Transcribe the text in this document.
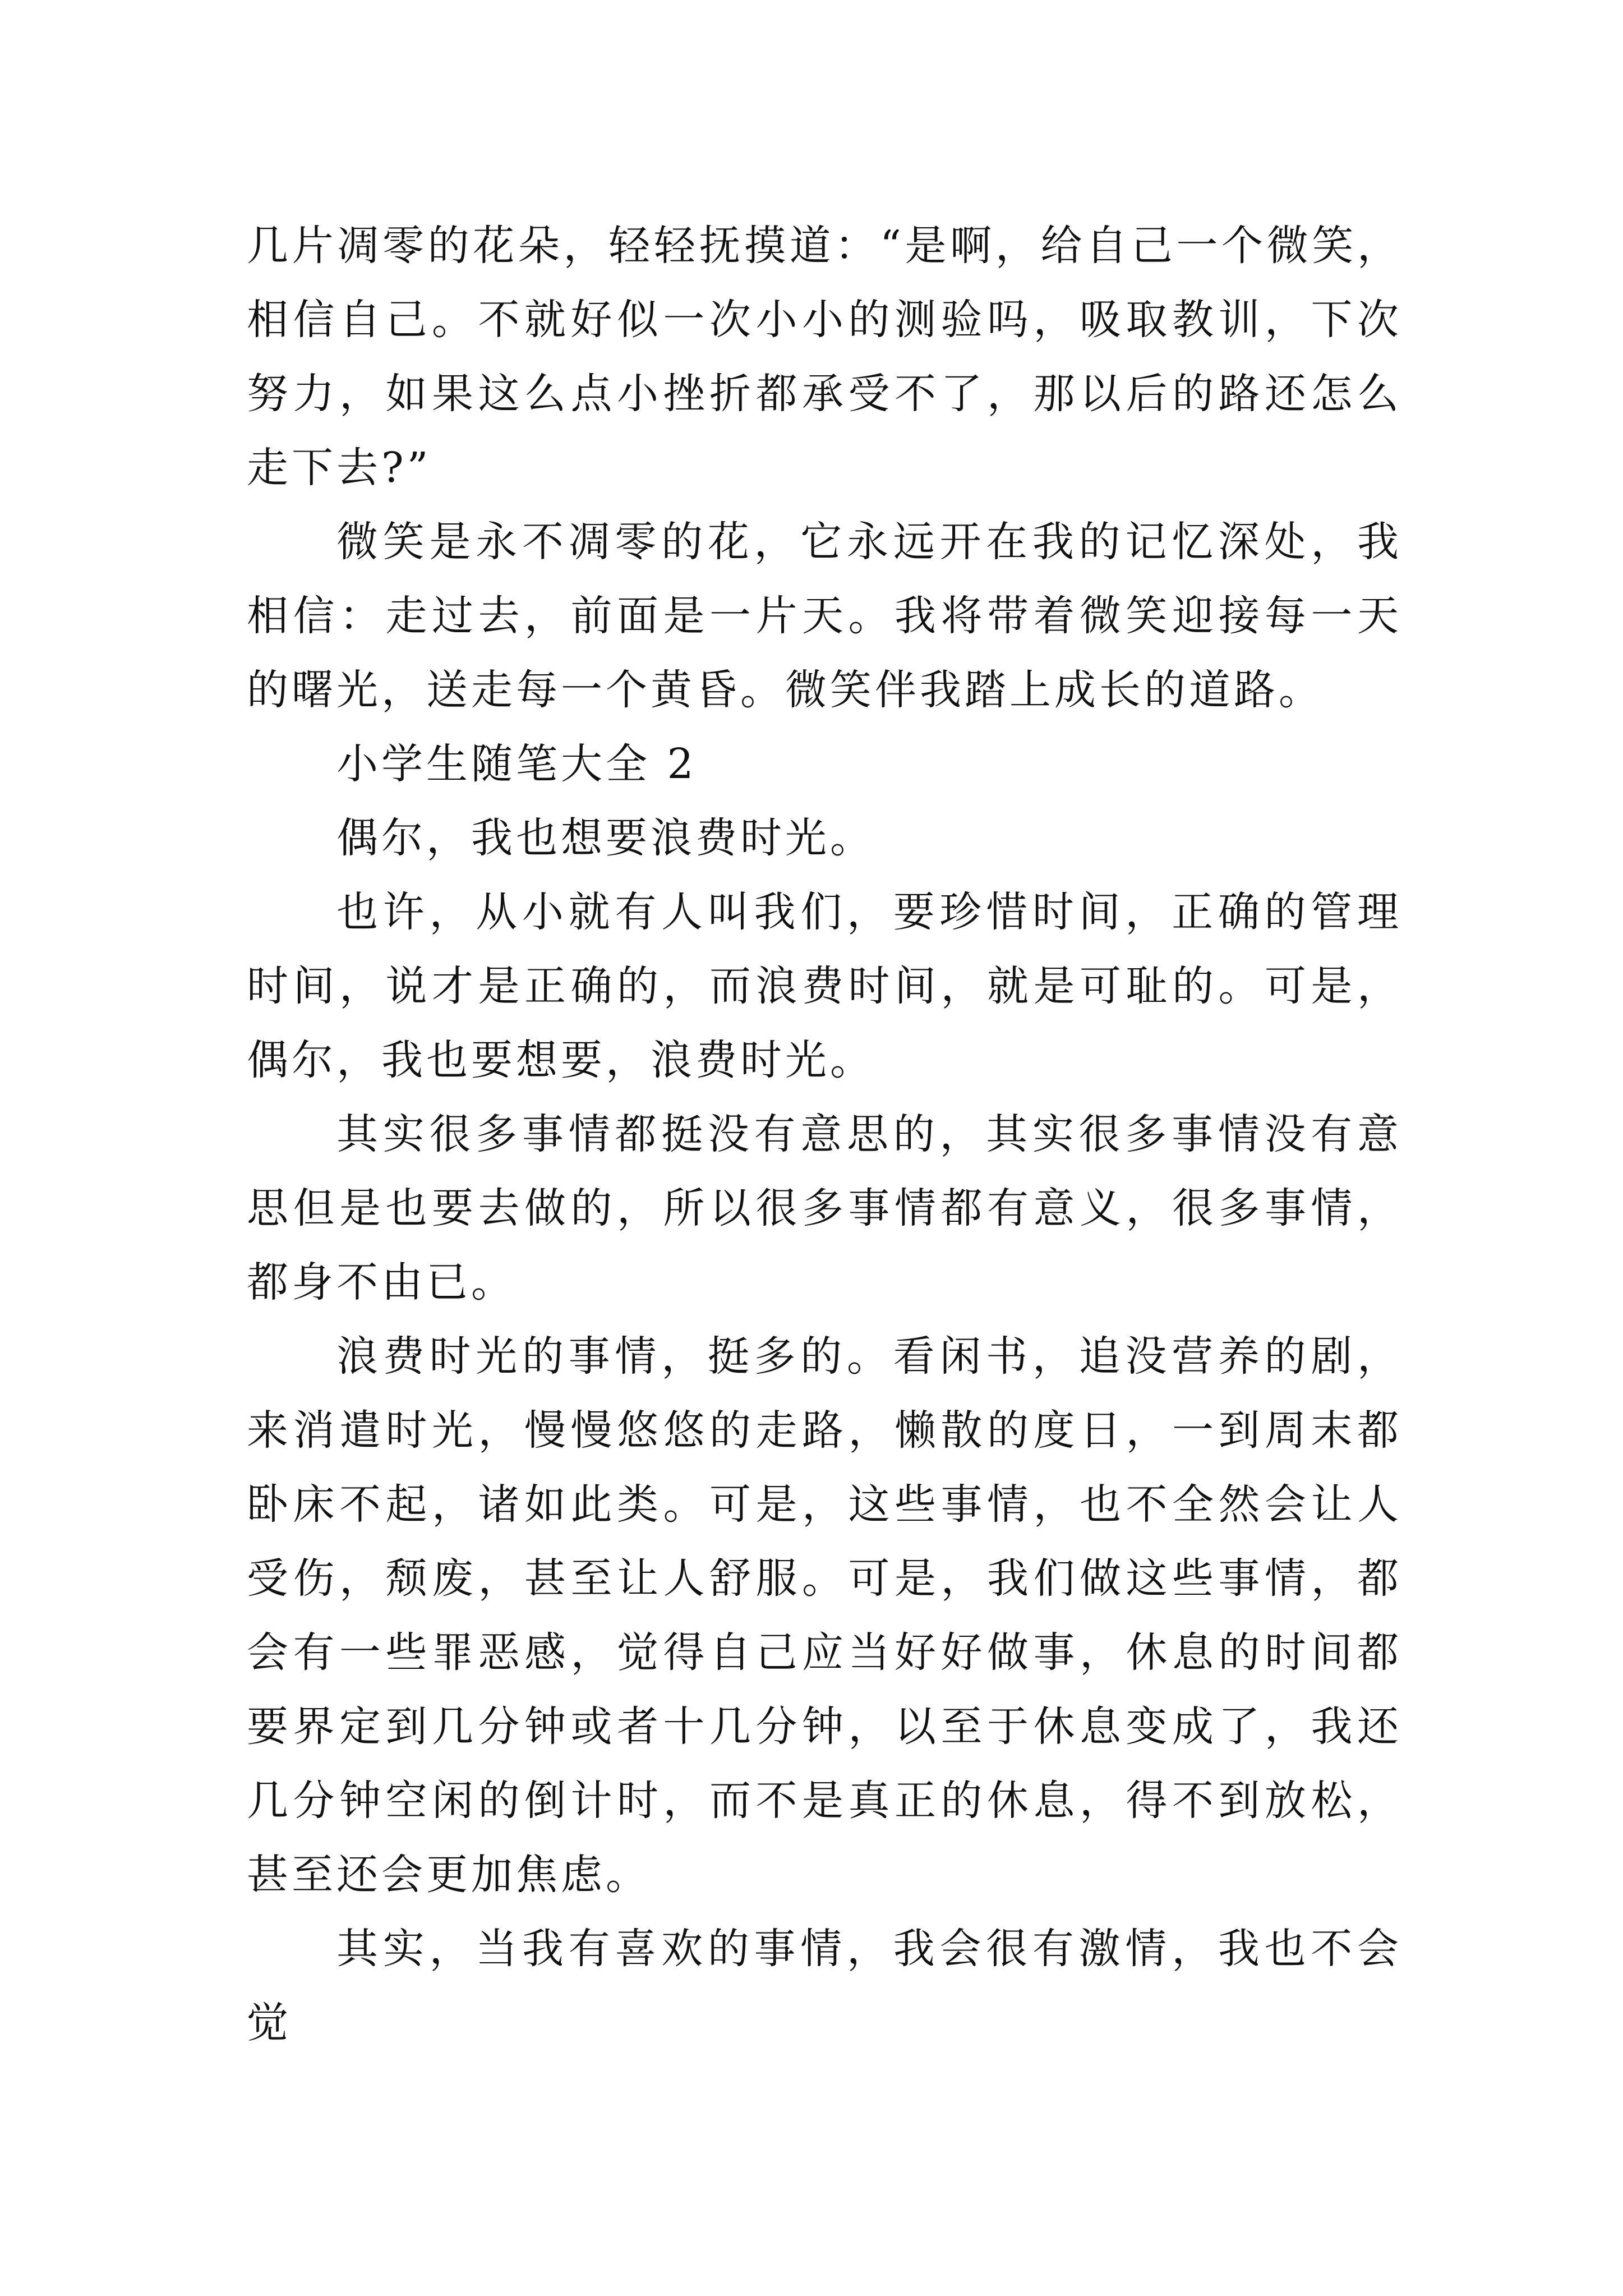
几片凋零的花朵，轻轻抚摸道：“是啊，给自己一个微笑，相信自己。不就好似一次小小的测验吗，吸取教训，下次努力，如果这么点小挫折都承受不了，那以后的路还怎么走下去?”

微笑是永不凋零的花，它永远开在我的记忆深处，我相信：走过去，前面是一片天。我将带着微笑迎接每一天的曙光，送走每一个黄昏。微笑伴我踏上成长的道路。

小学生随笔大全 2

偶尔，我也想要浪费时光。

也许，从小就有人叫我们，要珍惜时间，正确的管理时间，说才是正确的，而浪费时间，就是可耻的。可是，偶尔，我也要想要，浪费时光。

其实很多事情都挺没有意思的，其实很多事情没有意思但是也要去做的，所以很多事情都有意义，很多事情，都身不由已。

浪费时光的事情，挺多的。看闲书，追没营养的剧，来消遣时光，慢慢悠悠的走路，懒散的度日，一到周末都卧床不起，诸如此类。可是，这些事情，也不全然会让人受伤，颓废，甚至让人舒服。可是，我们做这些事情，都会有一些罪恶感，觉得自己应当好好做事，休息的时间都要界定到几分钟或者十几分钟，以至于休息变成了，我还几分钟空闲的倒计时，而不是真正的休息，得不到放松，甚至还会更加焦虑。

其实，当我有喜欢的事情，我会很有激情，我也不会觉
